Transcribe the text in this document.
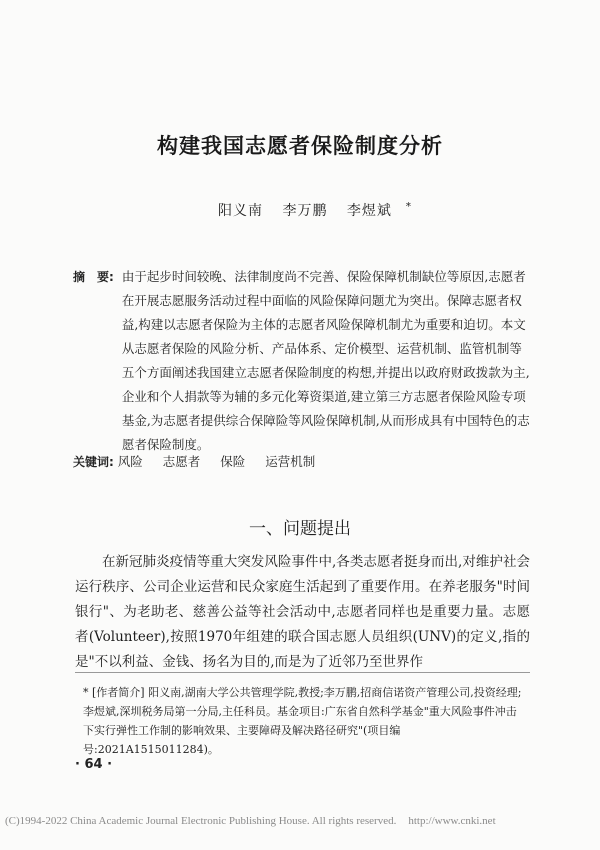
构建我国志愿者保险制度分析
阳义南 李万鹏 李煜斌 *
摘　要: 由于起步时间较晚、法律制度尚不完善、保险保障机制缺位等原因,志愿者在开展志愿服务活动过程中面临的风险保障问题尤为突出。保障志愿者权益,构建以志愿者保险为主体的志愿者风险保障机制尤为重要和迫切。本文从志愿者保险的风险分析、产品体系、定价模型、运营机制、监管机制等五个方面阐述我国建立志愿者保险制度的构想,并提出以政府财政拨款为主,企业和个人捐款等为辅的多元化筹资渠道,建立第三方志愿者保险风险专项基金,为志愿者提供综合保障险等风险保障机制,从而形成具有中国特色的志愿者保险制度。
关键词: 风险 志愿者 保险 运营机制
一、问题提出
在新冠肺炎疫情等重大突发风险事件中,各类志愿者挺身而出,对维护社会运行秩序、公司企业运营和民众家庭生活起到了重要作用。在养老服务"时间银行"、为老助老、慈善公益等社会活动中,志愿者同样也是重要力量。志愿者(Volunteer),按照1970年组建的联合国志愿人员组织(UNV)的定义,指的是"不以利益、金钱、扬名为目的,而是为了近邻乃至世界作
* [作者简介] 阳义南,湖南大学公共管理学院,教授;李万鹏,招商信诺资产管理公司,投资经理;李煜斌,深圳税务局第一分局,主任科员。基金项目:广东省自然科学基金"重大风险事件冲击下实行弹性工作制的影响效果、主要障碍及解决路径研究"(项目编号:2021A1515011284)。
· 64 ·
(C)1994-2022 China Academic Journal Electronic Publishing House. All rights reserved. http://www.cnki.net
